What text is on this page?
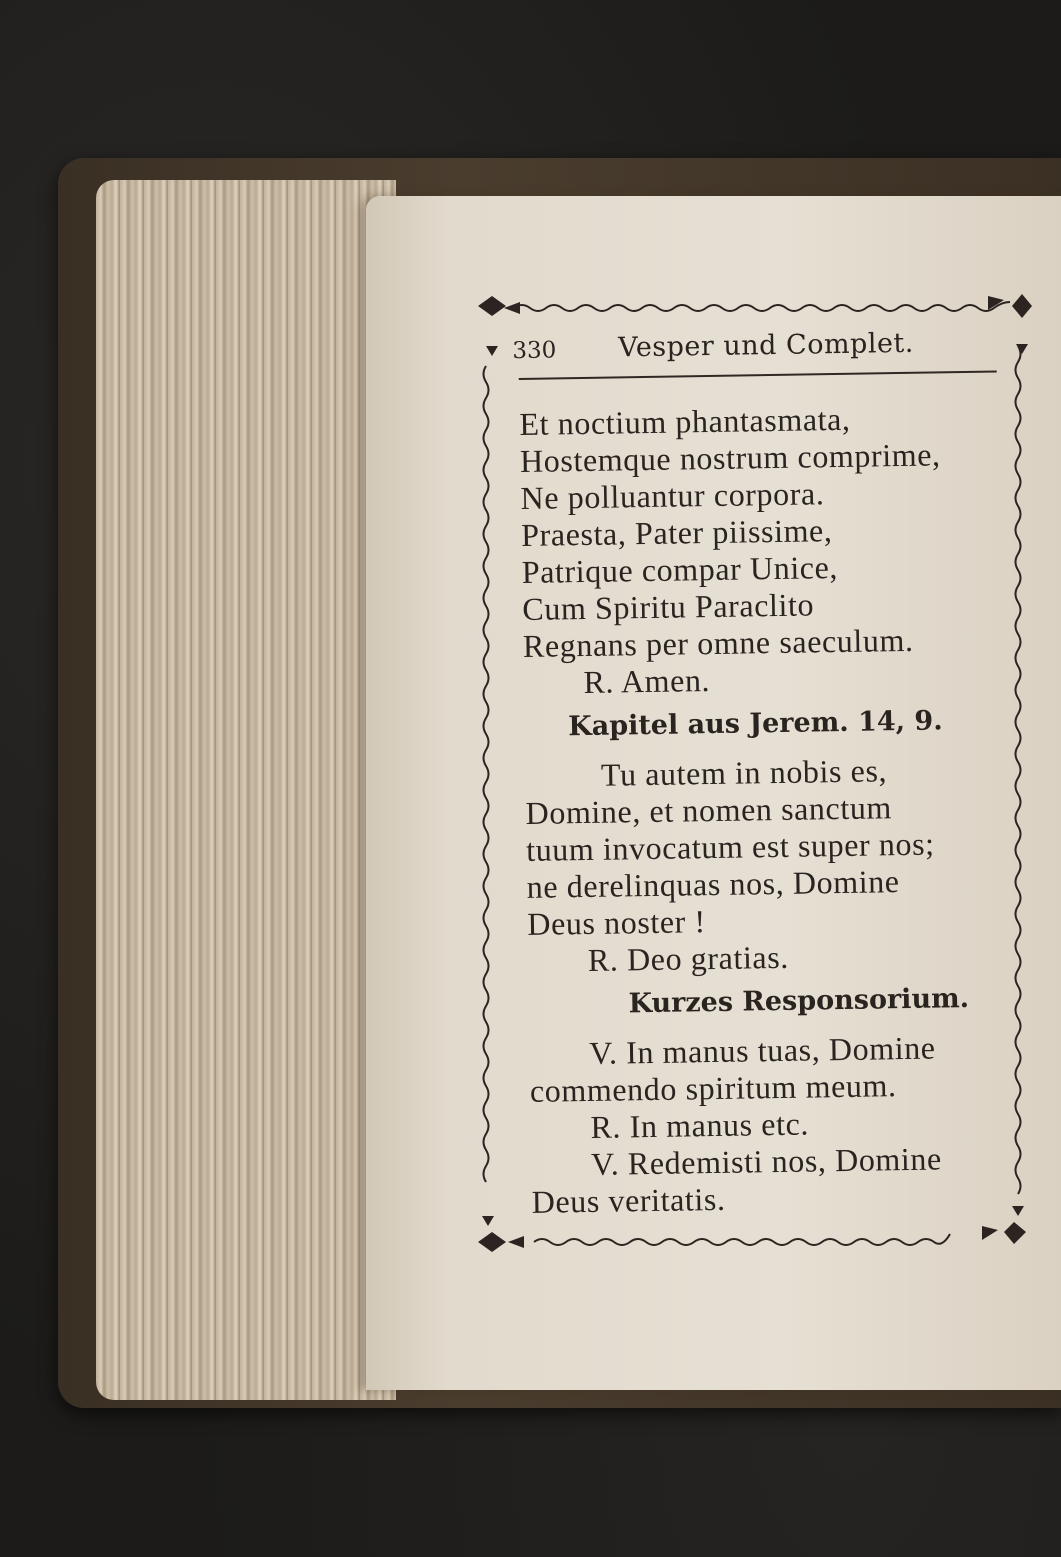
330 Vesper und Complet.
Et noctium phantasmata,
Hostemque nostrum comprime,
Ne polluantur corpora.
Praesta, Pater piissime,
Patrique compar Unice,
Cum Spiritu Paraclito
Regnans per omne saeculum.
R. Amen.
Kapitel aus Jerem. 14, 9.
Tu autem in nobis es,
Domine, et nomen sanctum
tuum invocatum est super nos;
ne derelinquas nos, Domine
Deus noster !
R. Deo gratias.
Kurzes Responsorium.
V. In manus tuas, Domine
commendo spiritum meum.
R. In manus etc.
V. Redemisti nos, Domine
Deus veritatis.
